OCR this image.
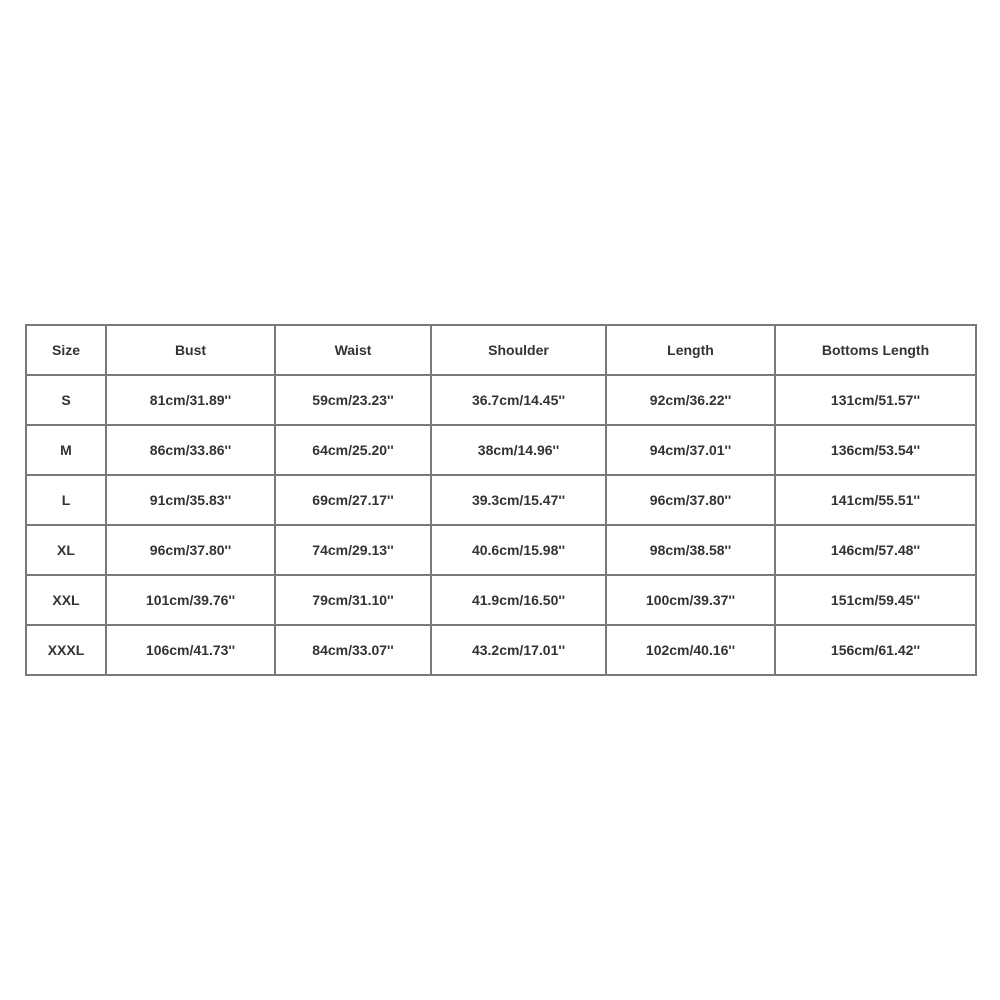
Size	Bust	Waist	Shoulder	Length	Bottoms Length
S	81cm/31.89''	59cm/23.23''	36.7cm/14.45''	92cm/36.22''	131cm/51.57''
M	86cm/33.86''	64cm/25.20''	38cm/14.96''	94cm/37.01''	136cm/53.54''
L	91cm/35.83''	69cm/27.17''	39.3cm/15.47''	96cm/37.80''	141cm/55.51''
XL	96cm/37.80''	74cm/29.13''	40.6cm/15.98''	98cm/38.58''	146cm/57.48''
XXL	101cm/39.76''	79cm/31.10''	41.9cm/16.50''	100cm/39.37''	151cm/59.45''
XXXL	106cm/41.73''	84cm/33.07''	43.2cm/17.01''	102cm/40.16''	156cm/61.42''
